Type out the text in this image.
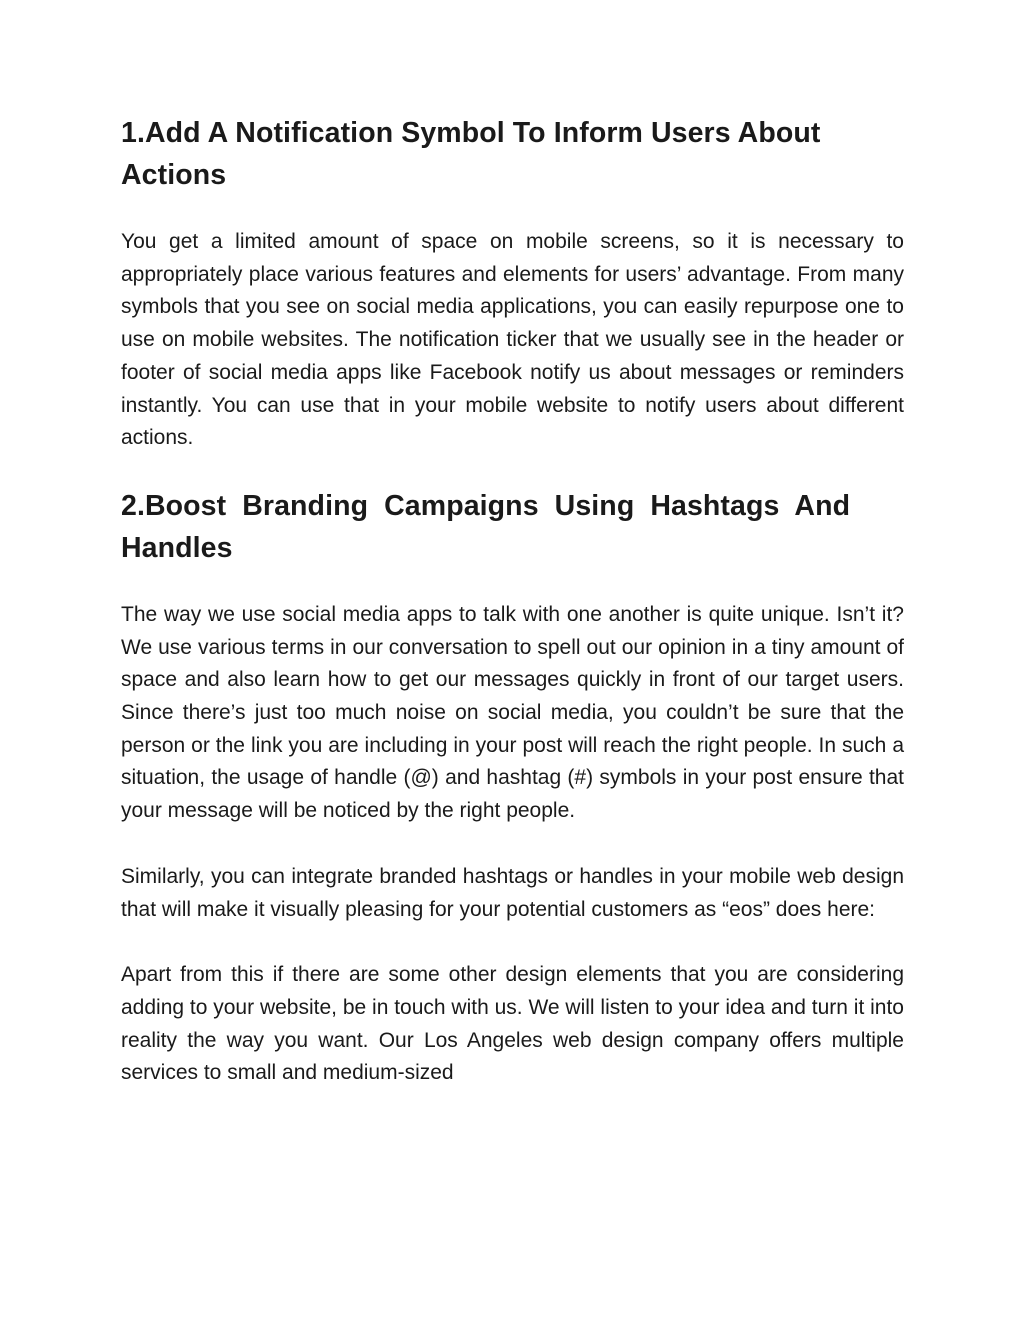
1.Add A Notification Symbol To Inform Users About Actions

You get a limited amount of space on mobile screens, so it is necessary to appropriately place various features and elements for users’ advantage. From many symbols that you see on social media applications, you can easily repurpose one to use on mobile websites. The notification ticker that we usually see in the header or footer of social media apps like Facebook notify us about messages or reminders instantly. You can use that in your mobile website to notify users about different actions.

2.Boost Branding Campaigns Using Hashtags And Handles

The way we use social media apps to talk with one another is quite unique. Isn’t it? We use various terms in our conversation to spell out our opinion in a tiny amount of space and also learn how to get our messages quickly in front of our target users. Since there’s just too much noise on social media, you couldn’t be sure that the person or the link you are including in your post will reach the right people. In such a situation, the usage of handle (@) and hashtag (#) symbols in your post ensure that your message will be noticed by the right people.

Similarly, you can integrate branded hashtags or handles in your mobile web design that will make it visually pleasing for your potential customers as “eos” does here:

Apart from this if there are some other design elements that you are considering adding to your website, be in touch with us. We will listen to your idea and turn it into reality the way you want. Our Los Angeles web design company offers multiple services to small and medium-sized
